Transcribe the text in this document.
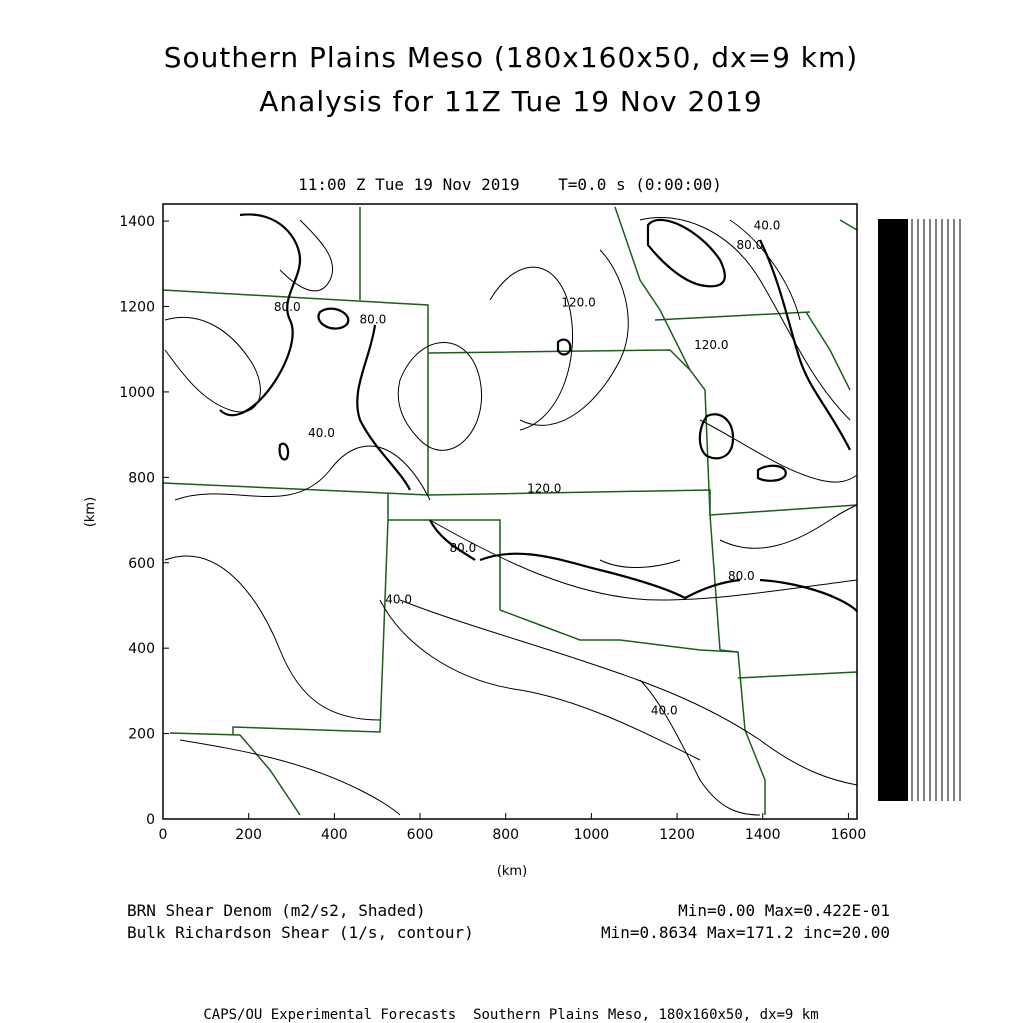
Southern Plains Meso (180x160x50, dx=9 km)
Analysis for 11Z Tue 19 Nov 2019
11:00 Z Tue 19 Nov 2019    T=0.0 s (0:00:00)
0	200	400	600	800	1000	1200	1400	1600
0
200
400
600
800
1000
1200
1400	40.0
80.0
120.0
120.0
80.0
80.0
40.0
120.0
80.0
80.0
40.0
40.0
(km)
(km)
BRN Shear Denom (m2/s2, Shaded)
Bulk Richardson Shear (1/s, contour)
Min=0.00 Max=0.422E-01
Min=0.8634 Max=171.2 inc=20.00
CAPS/OU Experimental Forecasts  Southern Plains Meso, 180x160x50, dx=9 km
